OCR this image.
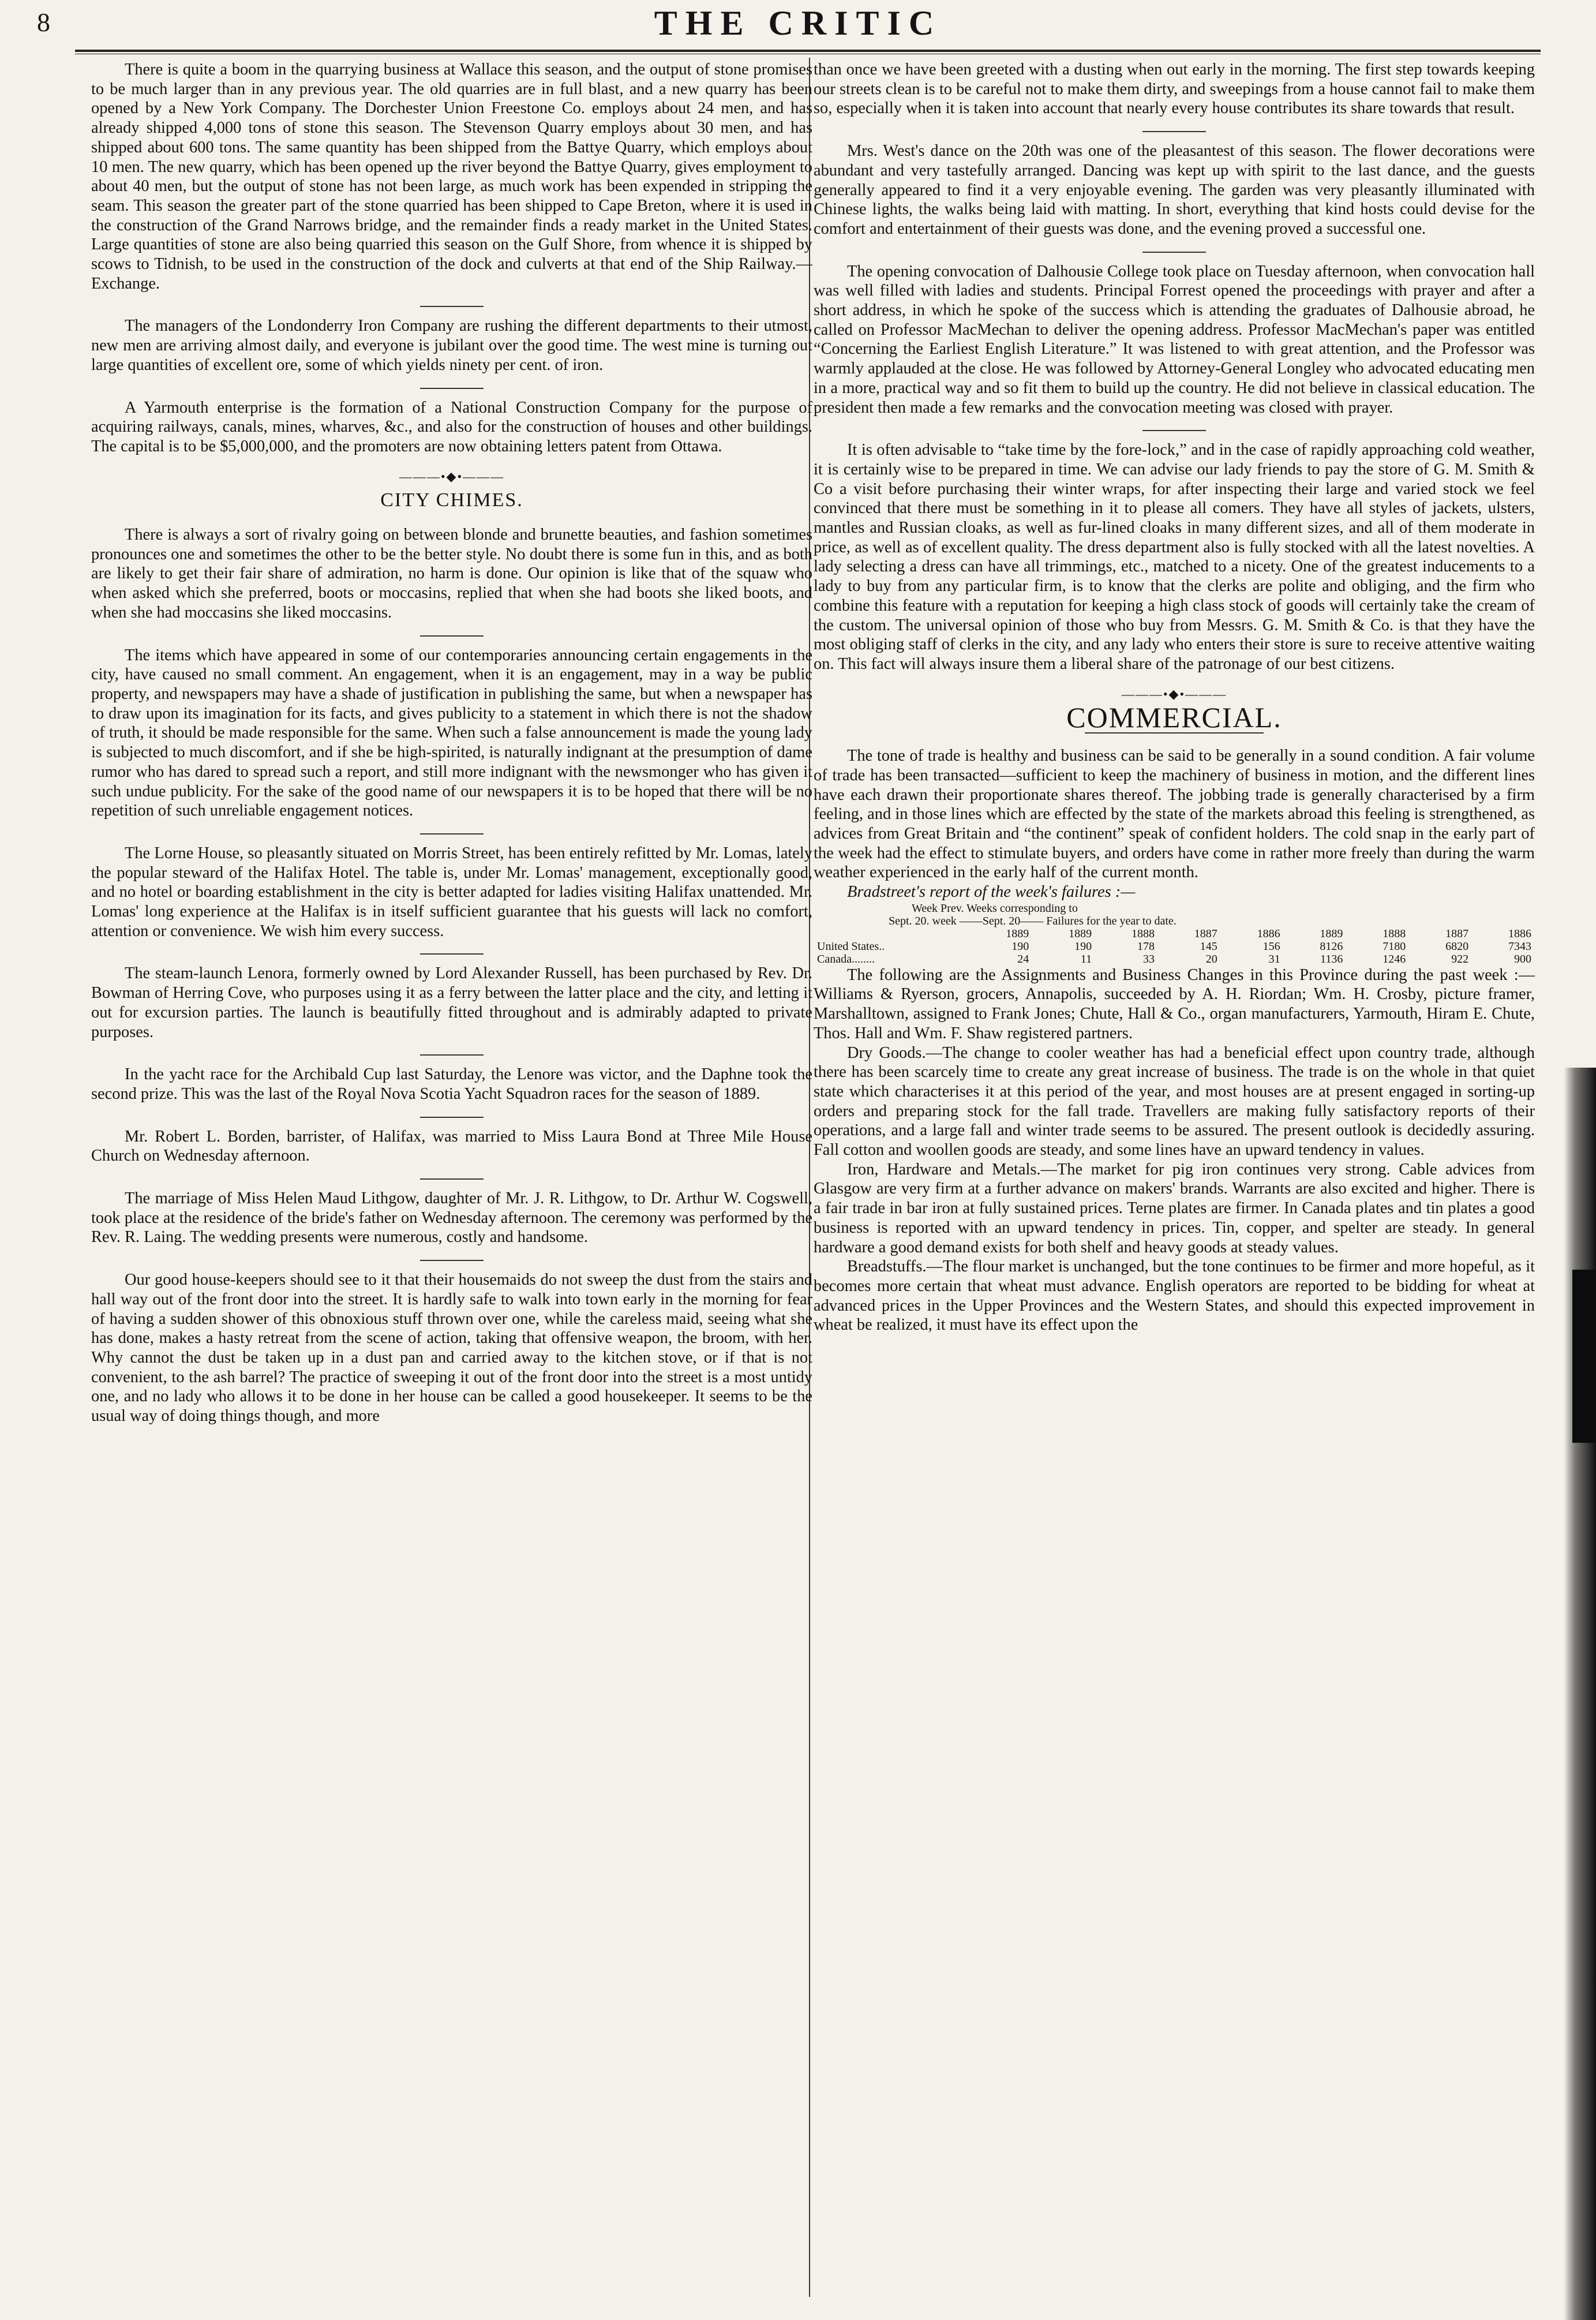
8	THE CRITIC

There is quite a boom in the quarrying business at Wallace this season, and the output of stone promises to be much larger than in any previous year. The old quarries are in full blast, and a new quarry has been opened by a New York Company. The Dorchester Union Freestone Co. employs about 24 men, and has already shipped 4,000 tons of stone this season. The Stevenson Quarry employs about 30 men, and has shipped about 600 tons. The same quantity has been shipped from the Battye Quarry, which employs about 10 men. The new quarry, which has been opened up the river beyond the Battye Quarry, gives employment to about 40 men, but the output of stone has not been large, as much work has been expended in stripping the seam. This season the greater part of the stone quarried has been shipped to Cape Breton, where it is used in the construction of the Grand Narrows bridge, and the remainder finds a ready market in the United States. Large quantities of stone are also being quarried this season on the Gulf Shore, from whence it is shipped by scows to Tidnish, to be used in the construction of the dock and culverts at that end of the Ship Railway.—Exchange.

The managers of the Londonderry Iron Company are rushing the different departments to their utmost, new men are arriving almost daily, and everyone is jubilant over the good time. The west mine is turning out large quantities of excellent ore, some of which yields ninety per cent. of iron.

A Yarmouth enterprise is the formation of a National Construction Company for the purpose of acquiring railways, canals, mines, wharves, &c., and also for the construction of houses and other buildings. The capital is to be $5,000,000, and the promoters are now obtaining letters patent from Ottawa.

———•◆•———
CITY CHIMES.

There is always a sort of rivalry going on between blonde and brunette beauties, and fashion sometimes pronounces one and sometimes the other to be the better style. No doubt there is some fun in this, and as both are likely to get their fair share of admiration, no harm is done. Our opinion is like that of the squaw who when asked which she preferred, boots or moccasins, replied that when she had boots she liked boots, and when she had moccasins she liked moccasins.

The items which have appeared in some of our contemporaries announcing certain engagements in the city, have caused no small comment. An engagement, when it is an engagement, may in a way be public property, and newspapers may have a shade of justification in publishing the same, but when a newspaper has to draw upon its imagination for its facts, and gives publicity to a statement in which there is not the shadow of truth, it should be made responsible for the same. When such a false announcement is made the young lady is subjected to much discomfort, and if she be high-spirited, is naturally indignant at the presumption of dame rumor who has dared to spread such a report, and still more indignant with the newsmonger who has given it such undue publicity. For the sake of the good name of our newspapers it is to be hoped that there will be no repetition of such unreliable engagement notices.

The Lorne House, so pleasantly situated on Morris Street, has been entirely refitted by Mr. Lomas, lately the popular steward of the Halifax Hotel. The table is, under Mr. Lomas' management, exceptionally good, and no hotel or boarding establishment in the city is better adapted for ladies visiting Halifax unattended. Mr. Lomas' long experience at the Halifax is in itself sufficient guarantee that his guests will lack no comfort, attention or convenience. We wish him every success.

The steam-launch Lenora, formerly owned by Lord Alexander Russell, has been purchased by Rev. Dr. Bowman of Herring Cove, who purposes using it as a ferry between the latter place and the city, and letting it out for excursion parties. The launch is beautifully fitted throughout and is admirably adapted to private purposes.

In the yacht race for the Archibald Cup last Saturday, the Lenore was victor, and the Daphne took the second prize. This was the last of the Royal Nova Scotia Yacht Squadron races for the season of 1889.

Mr. Robert L. Borden, barrister, of Halifax, was married to Miss Laura Bond at Three Mile House Church on Wednesday afternoon.

The marriage of Miss Helen Maud Lithgow, daughter of Mr. J. R. Lithgow, to Dr. Arthur W. Cogswell, took place at the residence of the bride's father on Wednesday afternoon. The ceremony was performed by the Rev. R. Laing. The wedding presents were numerous, costly and handsome.

Our good house-keepers should see to it that their housemaids do not sweep the dust from the stairs and hall way out of the front door into the street. It is hardly safe to walk into town early in the morning for fear of having a sudden shower of this obnoxious stuff thrown over one, while the careless maid, seeing what she has done, makes a hasty retreat from the scene of action, taking that offensive weapon, the broom, with her. Why cannot the dust be taken up in a dust pan and carried away to the kitchen stove, or if that is not convenient, to the ash barrel? The practice of sweeping it out of the front door into the street is a most untidy one, and no lady who allows it to be done in her house can be called a good housekeeper. It seems to be the usual way of doing things though, and more

than once we have been greeted with a dusting when out early in the morning. The first step towards keeping our streets clean is to be careful not to make them dirty, and sweepings from a house cannot fail to make them so, especially when it is taken into account that nearly every house contributes its share towards that result.

Mrs. West's dance on the 20th was one of the pleasantest of this season. The flower decorations were abundant and very tastefully arranged. Dancing was kept up with spirit to the last dance, and the guests generally appeared to find it a very enjoyable evening. The garden was very pleasantly illuminated with Chinese lights, the walks being laid with matting. In short, everything that kind hosts could devise for the comfort and entertainment of their guests was done, and the evening proved a successful one.

The opening convocation of Dalhousie College took place on Tuesday afternoon, when convocation hall was well filled with ladies and students. Principal Forrest opened the proceedings with prayer and after a short address, in which he spoke of the success which is attending the graduates of Dalhousie abroad, he called on Professor MacMechan to deliver the opening address. Professor MacMechan's paper was entitled “Concerning the Earliest English Literature.” It was listened to with great attention, and the Professor was warmly applauded at the close. He was followed by Attorney-General Longley who advocated educating men in a more, practical way and so fit them to build up the country. He did not believe in classical education. The president then made a few remarks and the convocation meeting was closed with prayer.

It is often advisable to “take time by the fore-lock,” and in the case of rapidly approaching cold weather, it is certainly wise to be prepared in time. We can advise our lady friends to pay the store of G. M. Smith & Co a visit before purchasing their winter wraps, for after inspecting their large and varied stock we feel convinced that there must be something in it to please all comers. They have all styles of jackets, ulsters, mantles and Russian cloaks, as well as fur-lined cloaks in many different sizes, and all of them moderate in price, as well as of excellent quality. The dress department also is fully stocked with all the latest novelties. A lady selecting a dress can have all trimmings, etc., matched to a nicety. One of the greatest inducements to a lady to buy from any particular firm, is to know that the clerks are polite and obliging, and the firm who combine this feature with a reputation for keeping a high class stock of goods will certainly take the cream of the custom. The universal opinion of those who buy from Messrs. G. M. Smith & Co. is that they have the most obliging staff of clerks in the city, and any lady who enters their store is sure to receive attentive waiting on. This fact will always insure them a liberal share of the patronage of our best citizens.

———•◆•———
COMMERCIAL.

The tone of trade is healthy and business can be said to be generally in a sound condition. A fair volume of trade has been transacted—sufficient to keep the machinery of business in motion, and the different lines have each drawn their proportionate shares thereof. The jobbing trade is generally characterised by a firm feeling, and in those lines which are effected by the state of the markets abroad this feeling is strengthened, as advices from Great Britain and “the continent” speak of confident holders. The cold snap in the early part of the week had the effect to stimulate buyers, and orders have come in rather more freely than during the warm weather experienced in the early half of the current month.

Bradstreet's report of the week's failures :—

Week Prev. Weeks corresponding to
Sept. 20. week ——Sept. 20—— Failures for the year to date.
	1889	1889	1888	1887	1886	1889	1888	1887	1886
United States..	190	190	178	145	156	8126	7180	6820	7343
Canada........	24	11	33	20	31	1136	1246	922	900

The following are the Assignments and Business Changes in this Province during the past week :—Williams & Ryerson, grocers, Annapolis, succeeded by A. H. Riordan; Wm. H. Crosby, picture framer, Marshalltown, assigned to Frank Jones; Chute, Hall & Co., organ manufacturers, Yarmouth, Hiram E. Chute, Thos. Hall and Wm. F. Shaw registered partners.

Dry Goods.—The change to cooler weather has had a beneficial effect upon country trade, although there has been scarcely time to create any great increase of business. The trade is on the whole in that quiet state which characterises it at this period of the year, and most houses are at present engaged in sorting-up orders and preparing stock for the fall trade. Travellers are making fully satisfactory reports of their operations, and a large fall and winter trade seems to be assured. The present outlook is decidedly assuring. Fall cotton and woollen goods are steady, and some lines have an upward tendency in values.

Iron, Hardware and Metals.—The market for pig iron continues very strong. Cable advices from Glasgow are very firm at a further advance on makers' brands. Warrants are also excited and higher. There is a fair trade in bar iron at fully sustained prices. Terne plates are firmer. In Canada plates and tin plates a good business is reported with an upward tendency in prices. Tin, copper, and spelter are steady. In general hardware a good demand exists for both shelf and heavy goods at steady values.

Breadstuffs.—The flour market is unchanged, but the tone continues to be firmer and more hopeful, as it becomes more certain that wheat must advance. English operators are reported to be bidding for wheat at advanced prices in the Upper Provinces and the Western States, and should this expected improvement in wheat be realized, it must have its effect upon the
